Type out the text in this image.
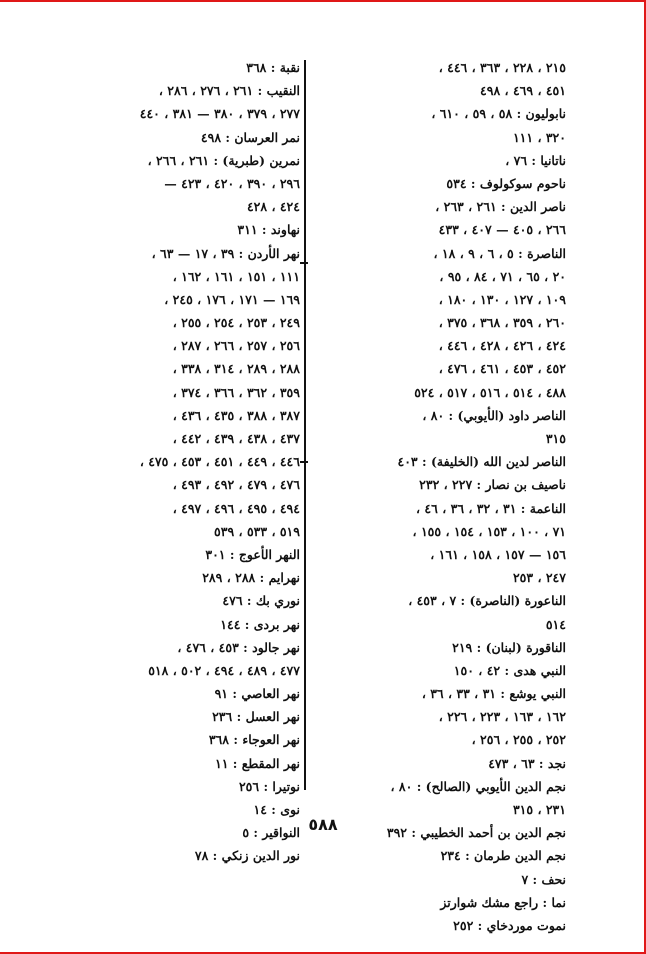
٢١٥ ، ٢٢٨ ، ٣٦٣ ، ٤٤٦ ،
٤٥١ ، ٤٦٩ ، ٤٩٨
نابوليون : ٥٨ ، ٥٩ ، ٦١٠ ،
٣٢٠ ، ١١١
ناتانيا : ٧٦ ،
ناحوم سوكولوف : ٥٣٤
ناصر الدين : ٢٦١ ، ٢٦٣ ،
٢٦٦ ، ٤٠٥ — ٤٠٧ ، ٤٣٣
الناصرة : ٥ ، ٦ ، ٩ ، ١٨ ،
٢٠ ، ٦٥ ، ٧١ ، ٨٤ ، ٩٥ ،
١٠٩ ، ١٢٧ ، ١٣٠ ، ١٨٠ ،
٢٦٠ ، ٣٥٩ ، ٣٦٨ ، ٣٧٥ ،
٤٢٤ ، ٤٢٦ ، ٤٢٨ ، ٤٤٦ ،
٤٥٢ ، ٤٥٣ ، ٤٦١ ، ٤٧٦ ،
٤٨٨ ، ٥١٤ ، ٥١٦ ، ٥١٧ ، ٥٢٤
الناصر داود (الأيوبي) : ٨٠ ،
٣١٥
الناصر لدين الله (الخليفة) : ٤٠٣
ناصيف بن نصار : ٢٢٧ ، ٢٣٢
الناعمة : ٣١ ، ٣٢ ، ٣٦ ، ٤٦ ،
٧١ ، ١٠٠ ، ١٥٣ ، ١٥٤ ، ١٥٥ ،
١٥٦ — ١٥٧ ، ١٥٨ ، ١٦١ ،
٢٤٧ ، ٢٥٣
الناعورة (الناصرة) : ٧ ، ٤٥٣ ،
٥١٤
الناقورة (لبنان) : ٢١٩
النبي هدى : ٤٢ ، ١٥٠
النبي يوشع : ٣١ ، ٣٣ ، ٣٦ ،
١٦٢ ، ١٦٣ ، ٢٢٣ ، ٢٢٦ ،
٢٥٢ ، ٢٥٥ ، ٢٥٦ ،
نجد : ٦٣ ، ٤٧٣
نجم الدين الأيوبي (الصالح) : ٨٠ ،
٢٣١ ، ٣١٥
نجم الدين بن أحمد الخطيبي : ٣٩٢
نجم الدين طرمان : ٢٣٤
نحف : ٧
نما : راجع مشك شوارتز
نموت موردخاي : ٢٥٢
نقبة : ٣٦٨
النقيب : ٢٦١ ، ٢٧٦ ، ٢٨٦ ،
٢٧٧ ، ٣٧٩ ، ٣٨٠ — ٣٨١ ، ٤٤٠
نمر العرسان : ٤٩٨
نمرين (طبرية) : ٢٦١ ، ٢٦٦ ،
٢٩٦ ، ٣٩٠ ، ٤٢٠ ، ٤٢٣ —
٤٢٤ ، ٤٢٨
نهاوند : ٣١١
نهر الأردن : ٣٩ ، ١٧ — ٦٣ ،
١١١ ، ١٥١ ، ١٦١ ، ١٦٢ ،
١٦٩ — ١٧١ ، ١٧٦ ، ٢٤٥ ،
٢٤٩ ، ٢٥٣ ، ٢٥٤ ، ٢٥٥ ،
٢٥٦ ، ٢٥٧ ، ٢٦٦ ، ٢٨٧ ،
٢٨٨ ، ٢٨٩ ، ٣١٤ ، ٣٣٨ ،
٣٥٩ ، ٣٦٢ ، ٣٦٦ ، ٣٧٤ ،
٣٨٧ ، ٣٨٨ ، ٤٣٥ ، ٤٣٦ ،
٤٣٧ ، ٤٣٨ ، ٤٣٩ ، ٤٤٢ ،
٤٤٦ ، ٤٤٩ ، ٤٥١ ، ٤٥٣ ، ٤٧٥ ،
٤٧٦ ، ٤٧٩ ، ٤٩٢ ، ٤٩٣ ،
٤٩٤ ، ٤٩٥ ، ٤٩٦ ، ٤٩٧ ،
٥١٩ ، ٥٣٣ ، ٥٣٩
النهر الأعوج : ٣٠١
نهرايم : ٢٨٨ ، ٢٨٩
نوري بك : ٤٧٦
نهر بردى : ١٤٤
نهر جالود : ٤٥٣ ، ٤٧٦ ،
٤٧٧ ، ٤٨٩ ، ٤٩٤ ، ٥٠٢ ، ٥١٨
نهر العاصي : ٩١
نهر العسل : ٢٣٦
نهر العوجاء : ٣٦٨
نهر المقطع : ١١
نوتيرا : ٢٥٦
نوى : ١٤
النواقير : ٥
نور الدين زنكي : ٧٨
٥٨٨
